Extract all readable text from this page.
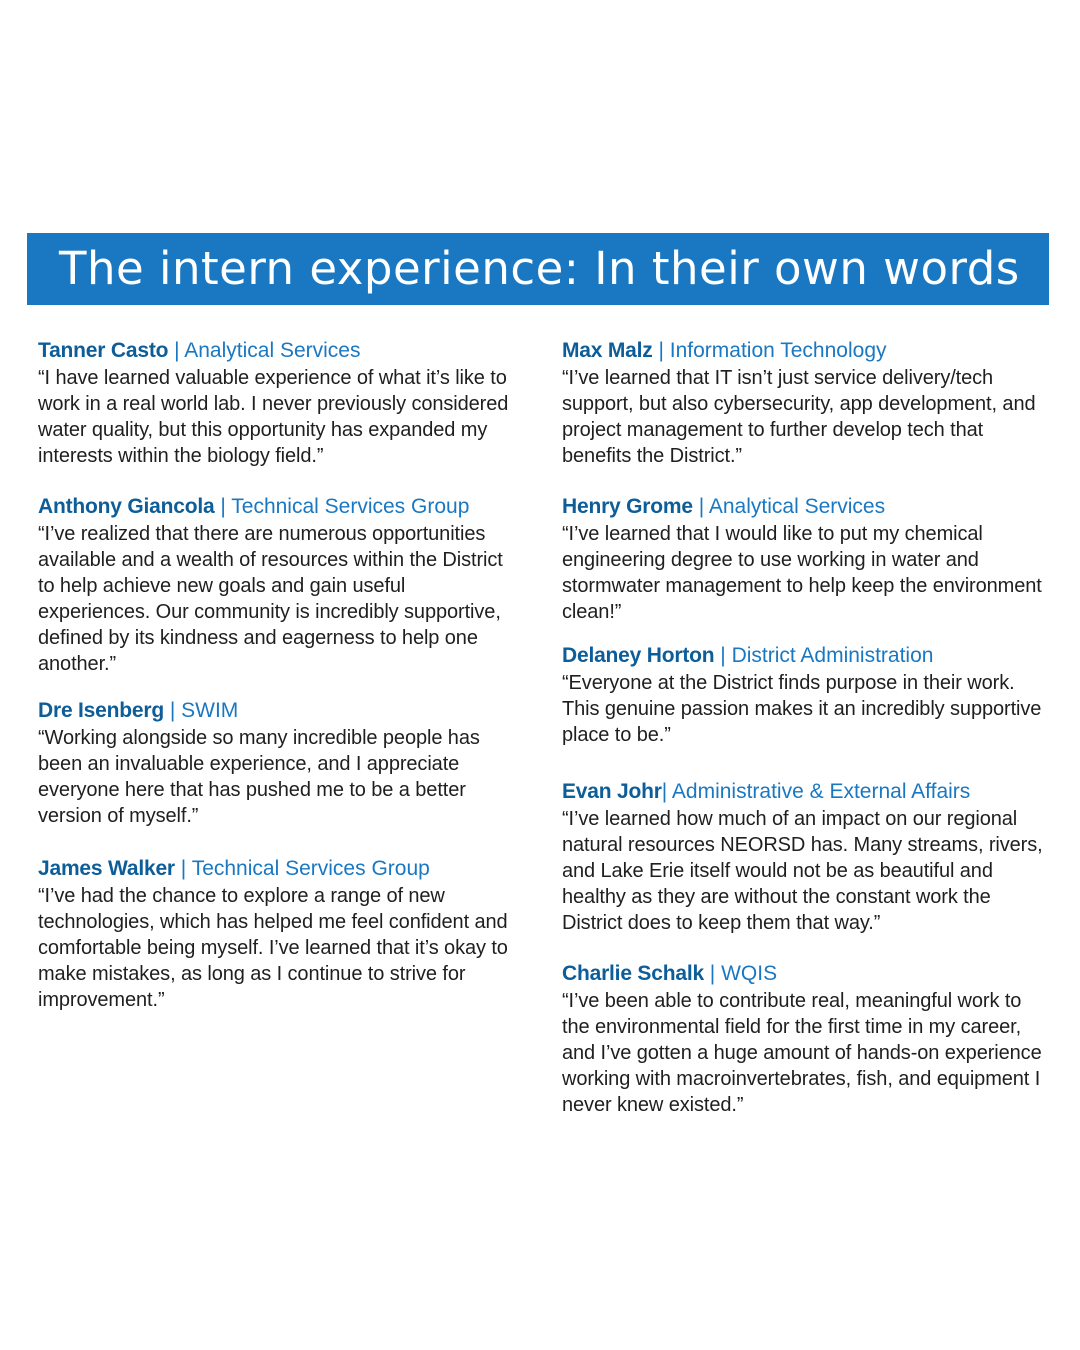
The intern experience: In their own words

Tanner Casto | Analytical Services

“I have learned valuable experience of what it’s like to work in a real world lab. I never previously considered water quality, but this opportunity has expanded my interests within the biology field.”

Anthony Giancola | Technical Services Group

“I’ve realized that there are numerous opportunities available and a wealth of resources within the District to help achieve new goals and gain useful experiences. Our community is incredibly supportive, defined by its kindness and eagerness to help one another.”

Dre Isenberg | SWIM

“Working alongside so many incredible people has been an invaluable experience, and I appreciate everyone here that has pushed me to be a better version of myself.”

James Walker | Technical Services Group

“I’ve had the chance to explore a range of new technologies, which has helped me feel confident and comfortable being myself. I’ve learned that it’s okay to make mistakes, as long as I continue to strive for improvement.”

Max Malz | Information Technology

“I’ve learned that IT isn’t just service delivery/tech support, but also cybersecurity, app development, and project management to further develop tech that benefits the District.”

Henry Grome | Analytical Services

“I’ve learned that I would like to put my chemical engineering degree to use working in water and stormwater management to help keep the environment clean!”

Delaney Horton | District Administration

“Everyone at the District finds purpose in their work. This genuine passion makes it an incredibly supportive place to be.”

Evan Johr| Administrative & External Affairs

“I’ve learned how much of an impact on our regional natural resources NEORSD has. Many streams, rivers, and Lake Erie itself would not be as beautiful and healthy as they are without the constant work the District does to keep them that way.”

Charlie Schalk | WQIS

“I’ve been able to contribute real, meaningful work to the environmental field for the first time in my career, and I’ve gotten a huge amount of hands-on experience working with macroinvertebrates, fish, and equipment I never knew existed.”
